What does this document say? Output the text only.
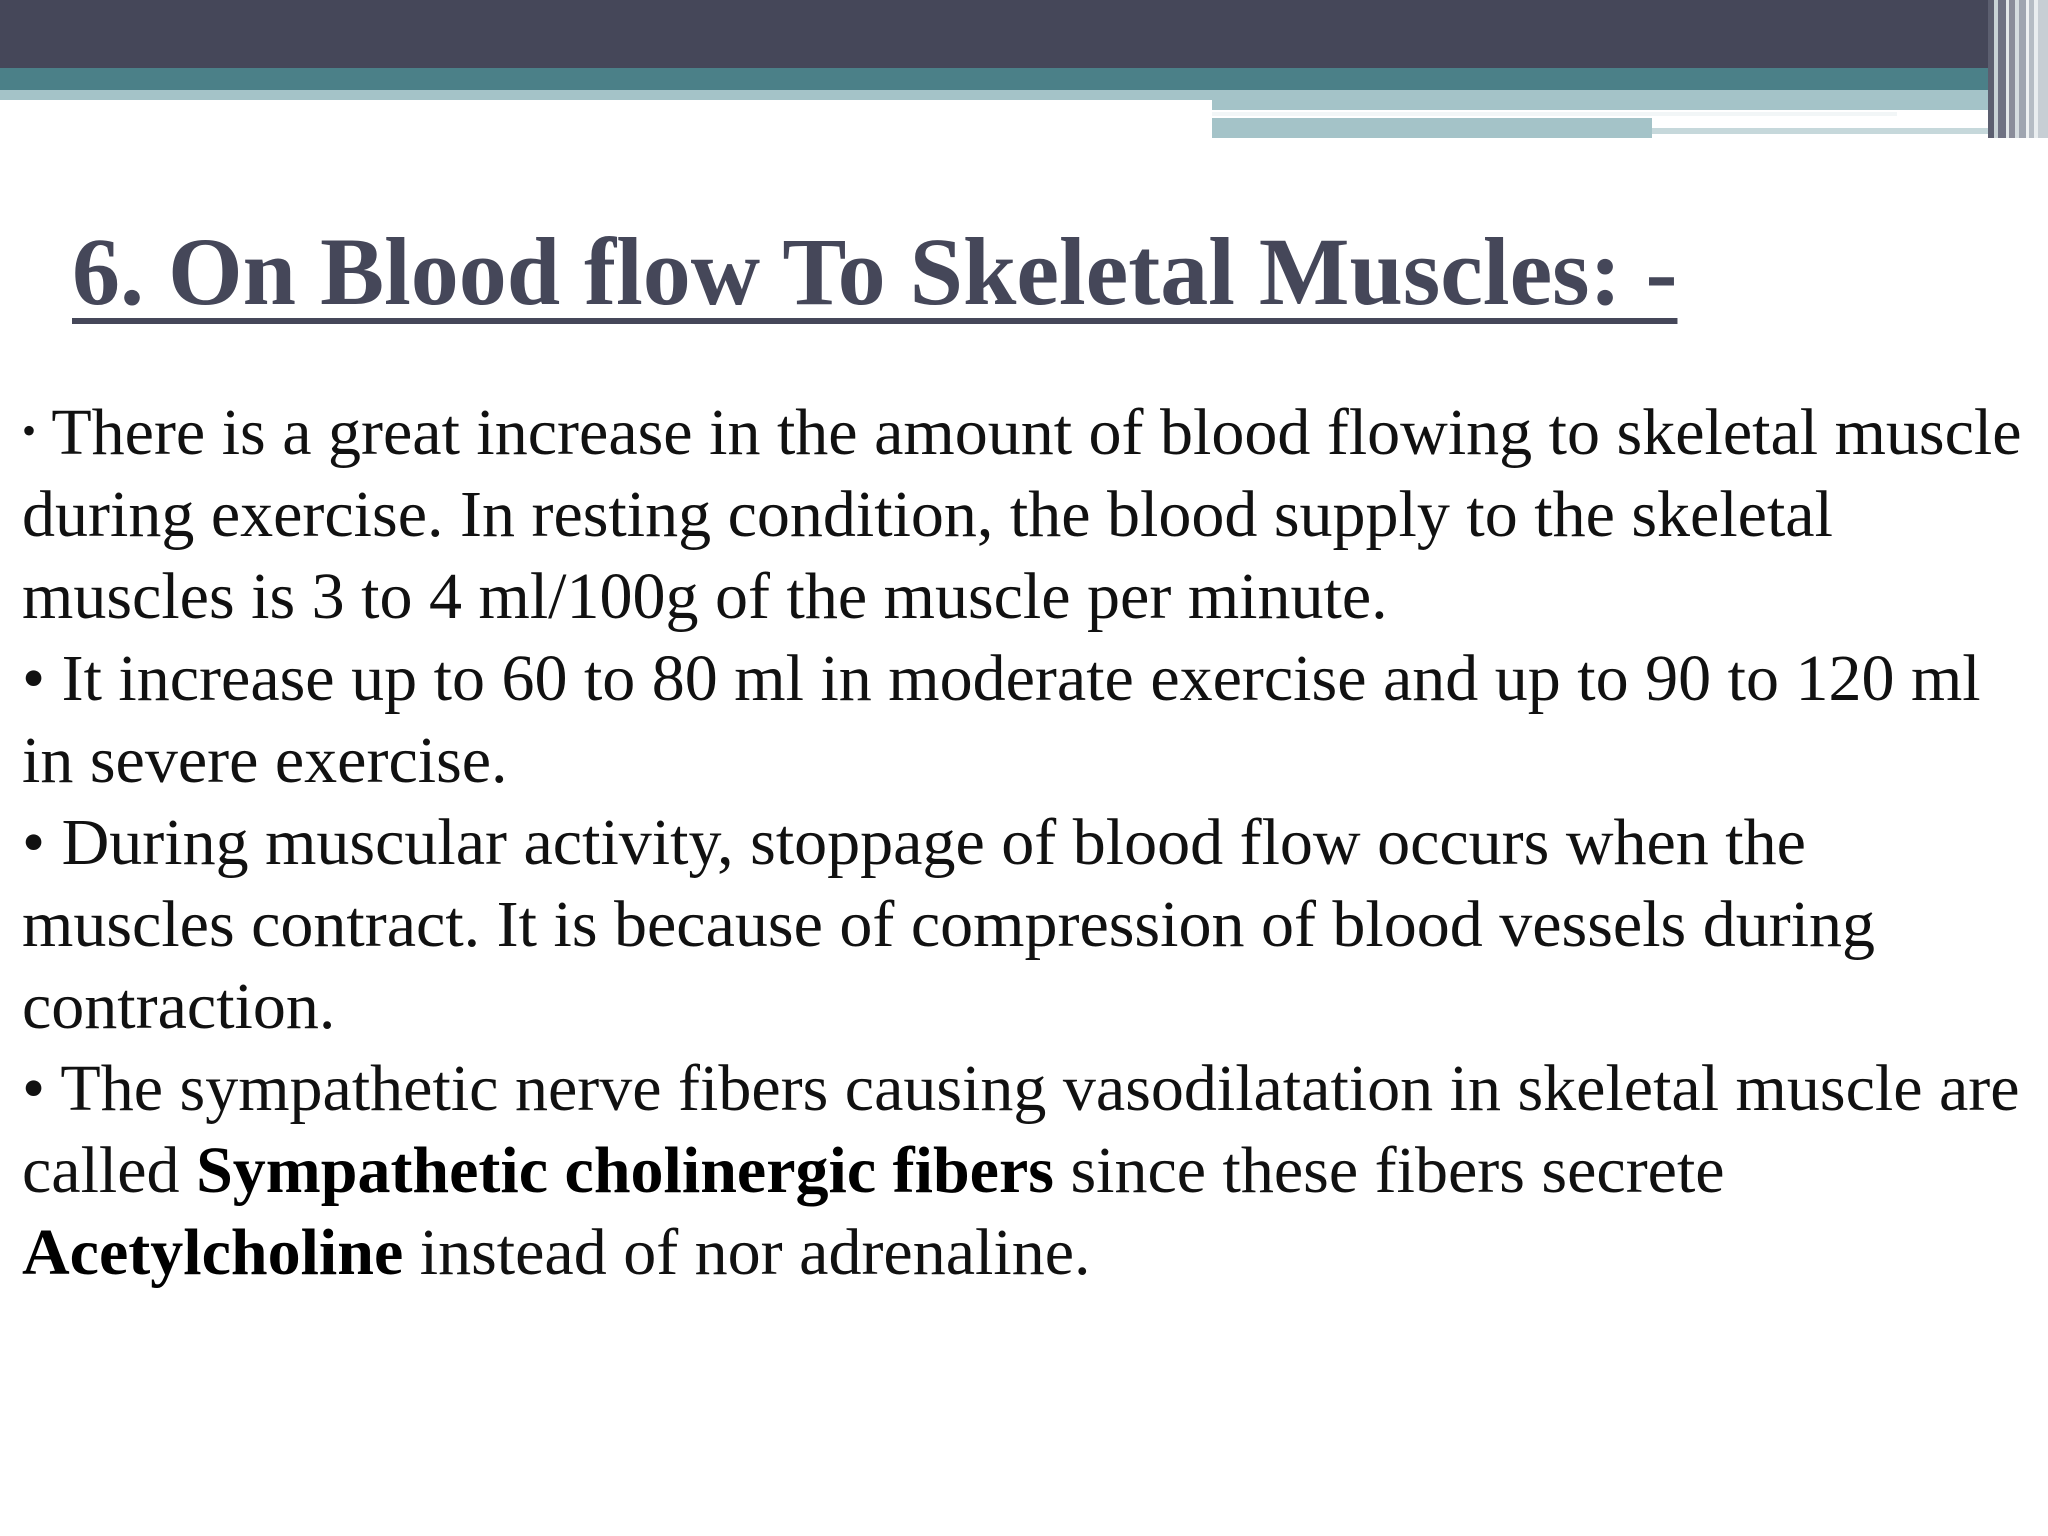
6. On Blood flow To Skeletal Muscles: -

• There is a great increase in the amount of blood flowing to skeletal muscle during exercise. In resting condition, the blood supply to the skeletal muscles is 3 to 4 ml/100g of the muscle per minute.

• It increase up to 60 to 80 ml in moderate exercise and up to 90 to 120 ml in severe exercise.

• During muscular activity, stoppage of blood flow occurs when the muscles contract. It is because of compression of blood vessels during contraction.

• The sympathetic nerve fibers causing vasodilatation in skeletal muscle are called Sympathetic cholinergic fibers since these fibers secrete Acetylcholine instead of nor adrenaline.
